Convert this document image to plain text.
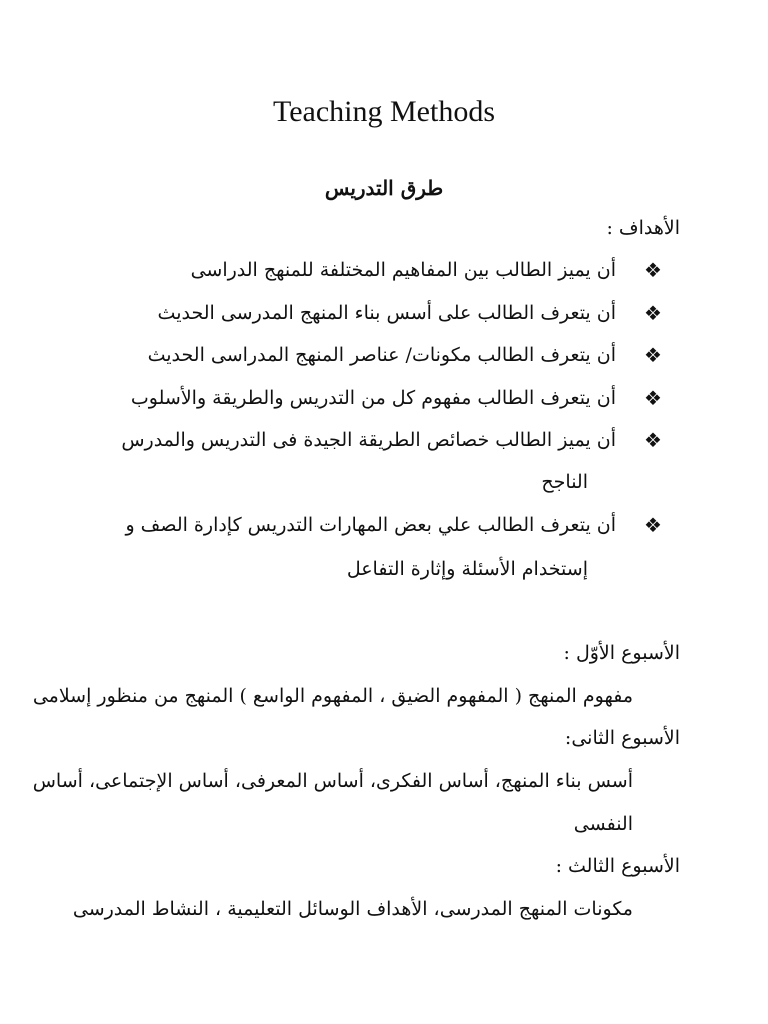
Teaching Methods
طرق التدريس
الأهداف :
❖
أن يميز الطالب بين المفاهيم المختلفة للمنهج الدراسى
❖
أن يتعرف الطالب على أسس بناء المنهج المدرسى الحديث
❖
أن يتعرف الطالب مكونات/ عناصر المنهج المدراسى الحديث
❖
أن يتعرف الطالب مفهوم كل من التدريس والطريقة والأسلوب
❖
أن يميز الطالب خصائص الطريقة الجيدة فى التدريس والمدرس
الناجح
❖
أن يتعرف الطالب علي بعض المهارات التدريس كإدارة الصف و
إستخدام الأسئلة وإثارة التفاعل
الأسبوع الأوّل :
مفهوم المنهج ( المفهوم الضيق ، المفهوم الواسع ) المنهج من منظور إسلامى
الأسبوع الثانى:
أسس بناء المنهج، أساس الفكرى، أساس المعرفى، أساس الإجتماعى، أساس
النفسى
الأسبوع الثالث :
مكونات المنهج المدرسى، الأهداف الوسائل التعليمية ، النشاط المدرسى
